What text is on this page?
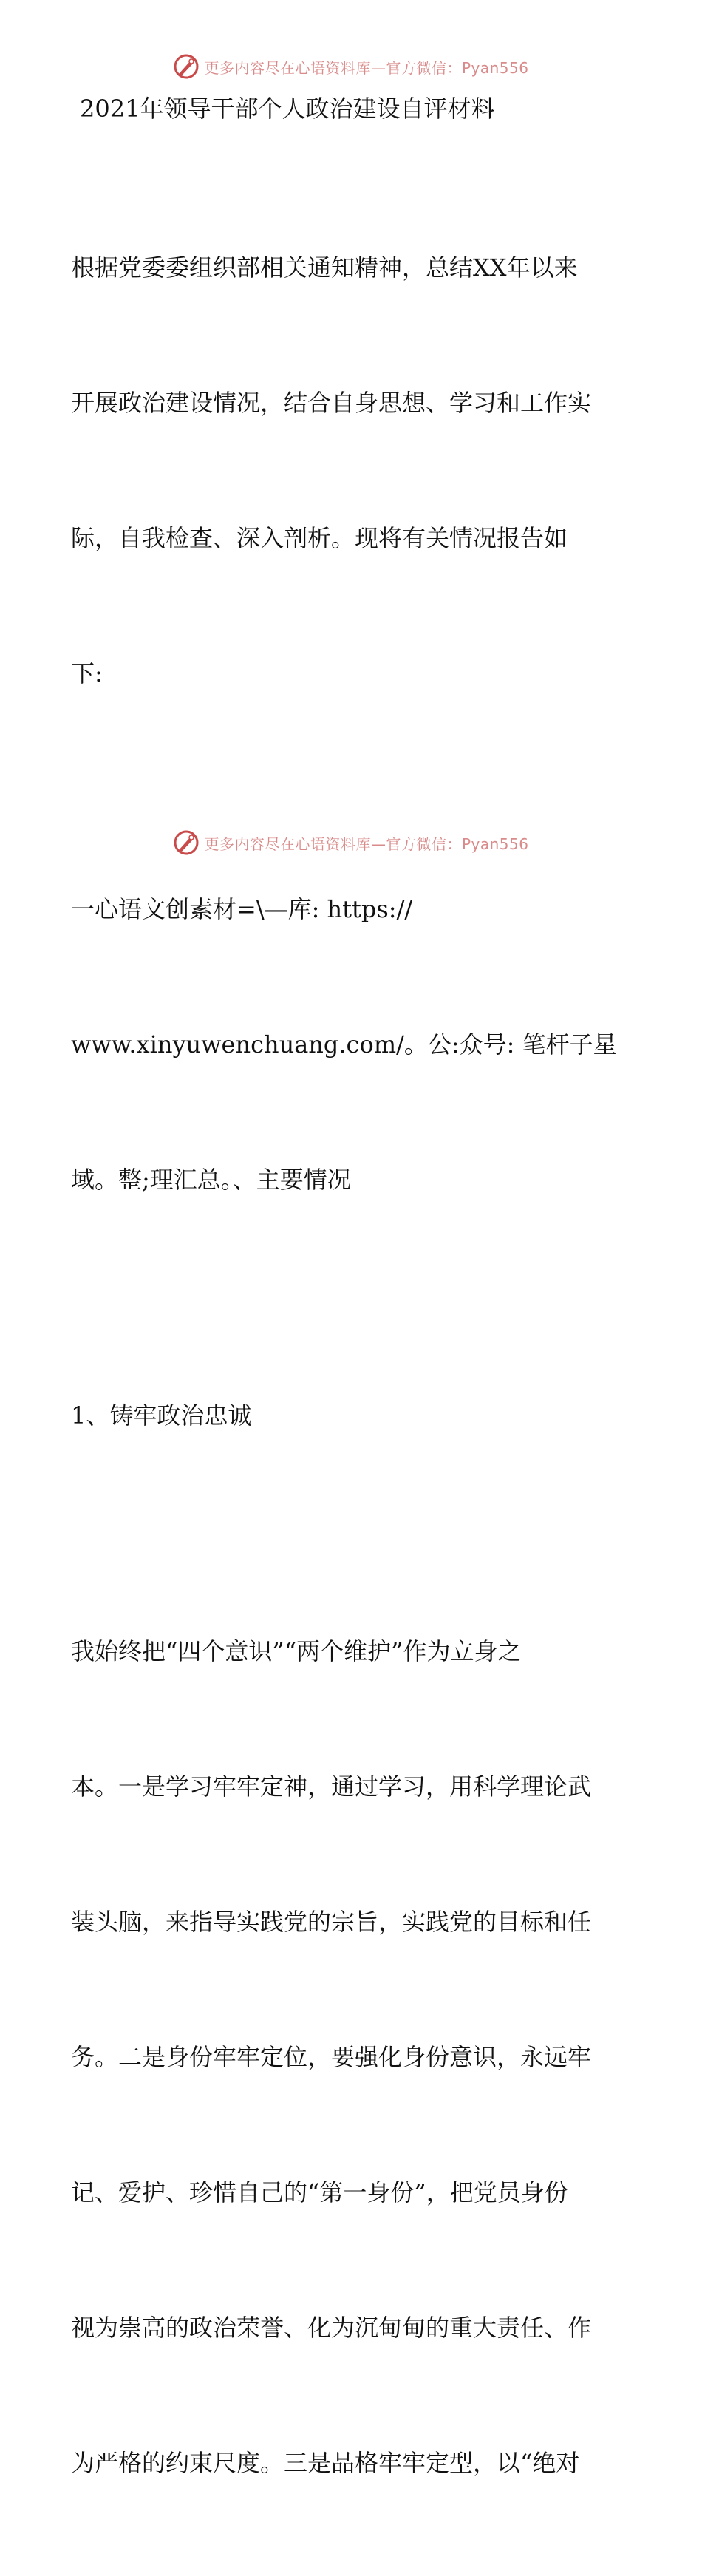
更多内容尽在心语资料库—官方微信：Pyan556
2021年领导干部个人政治建设自评材料

根据党委委组织部相关通知精神，总结XX年以来

开展政治建设情况，结合自身思想、学习和工作实

际，自我检查、深入剖析。现将有关情况报告如

下:

一心语文创素材=\—库: https://

www.xinyuwenchuang.com/。公:众号: 笔杆子星

域。整;理汇总。、主要情况

1、铸牢政治忠诚

我始终把“四个意识”“两个维护”作为立身之

本。一是学习牢牢定神，通过学习，用科学理论武

装头脑，来指导实践党的宗旨，实践党的目标和任

务。二是身份牢牢定位，要强化身份意识，永远牢

记、爱护、珍惜自己的“第一身份”，把党员身份

视为崇高的政治荣誉、化为沉甸甸的重大责任、作

为严格的约束尺度。三是品格牢牢定型，以“绝对

更多内容尽在心语资料库—官方微信：Pyan556
